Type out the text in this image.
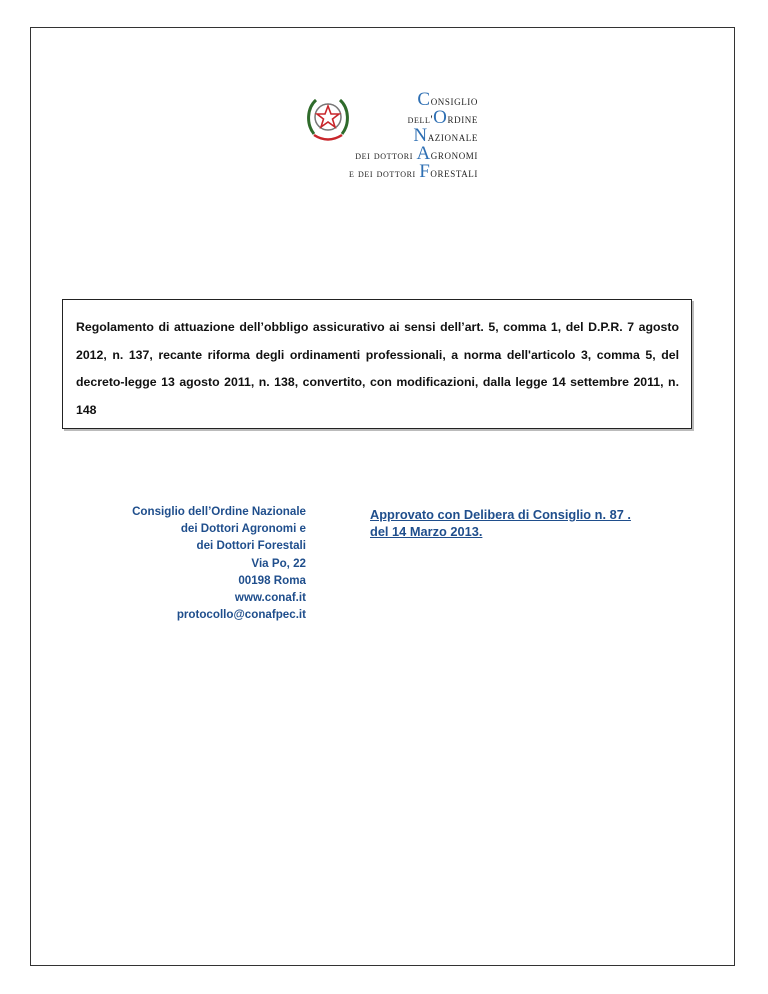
Consiglio
dell'Ordine
Nazionale
dei dottori Agronomi
e dei dottori Forestali
Regolamento di attuazione dell’obbligo assicurativo ai sensi dell’art. 5, comma 1, del D.P.R. 7 agosto 2012, n. 137, recante riforma degli ordinamenti professionali, a norma dell'articolo 3, comma 5, del decreto-legge 13 agosto 2011, n. 138, convertito, con modificazioni, dalla legge 14 settembre 2011, n. 148
Consiglio dell’Ordine Nazionale
dei Dottori Agronomi e
dei Dottori Forestali
Via Po, 22
00198 Roma
www.conaf.it
protocollo@conafpec.it
Approvato con Delibera di Consiglio n. 87 .
del 14 Marzo 2013.
